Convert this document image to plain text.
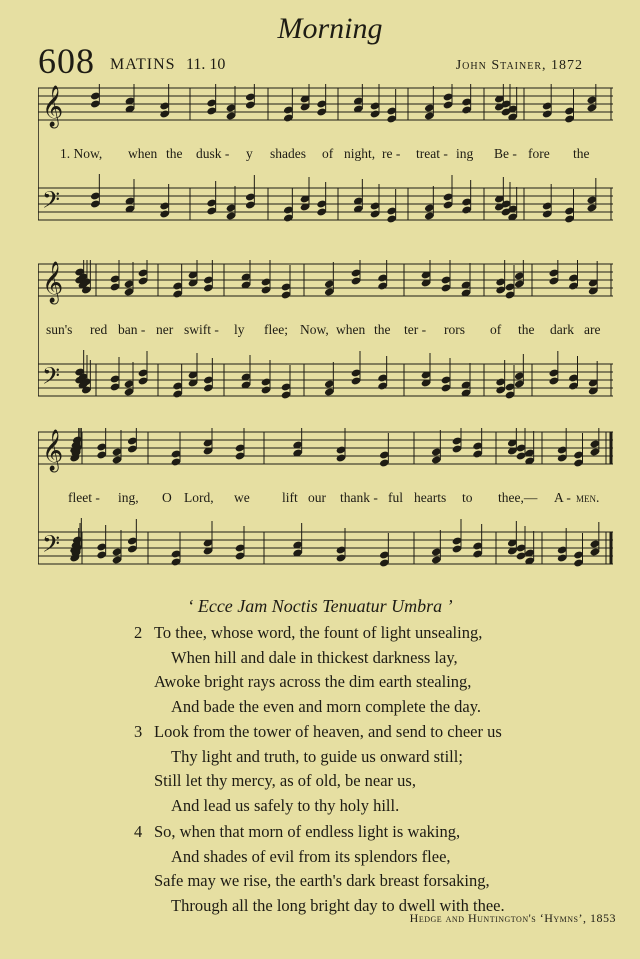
Morning
608 MATINS 11. 10	John Stainer, 1872
𝄞
𝄢
1. Now, when the dusk - y shades of night, re - treat - ing Be - fore the
𝄞
𝄢
sun's red ban - ner swift - ly flee; Now, when the ter - rors of the dark are
𝄞
𝄢
fleet - ing, O Lord, we lift our thank - ful hearts to thee,— A - men.
‘ Ecce Jam Noctis Tenuatur Umbra ’
2 To thee, whose word, the fount of light unsealing,
When hill and dale in thickest darkness lay,
Awoke bright rays across the dim earth stealing,
And bade the even and morn complete the day.
3 Look from the tower of heaven, and send to cheer us
Thy light and truth, to guide us onward still;
Still let thy mercy, as of old, be near us,
And lead us safely to thy holy hill.
4 So, when that morn of endless light is waking,
And shades of evil from its splendors flee,
Safe may we rise, the earth's dark breast forsaking,
Through all the long bright day to dwell with thee.
Hedge and Huntington's ‘Hymns’, 1853
